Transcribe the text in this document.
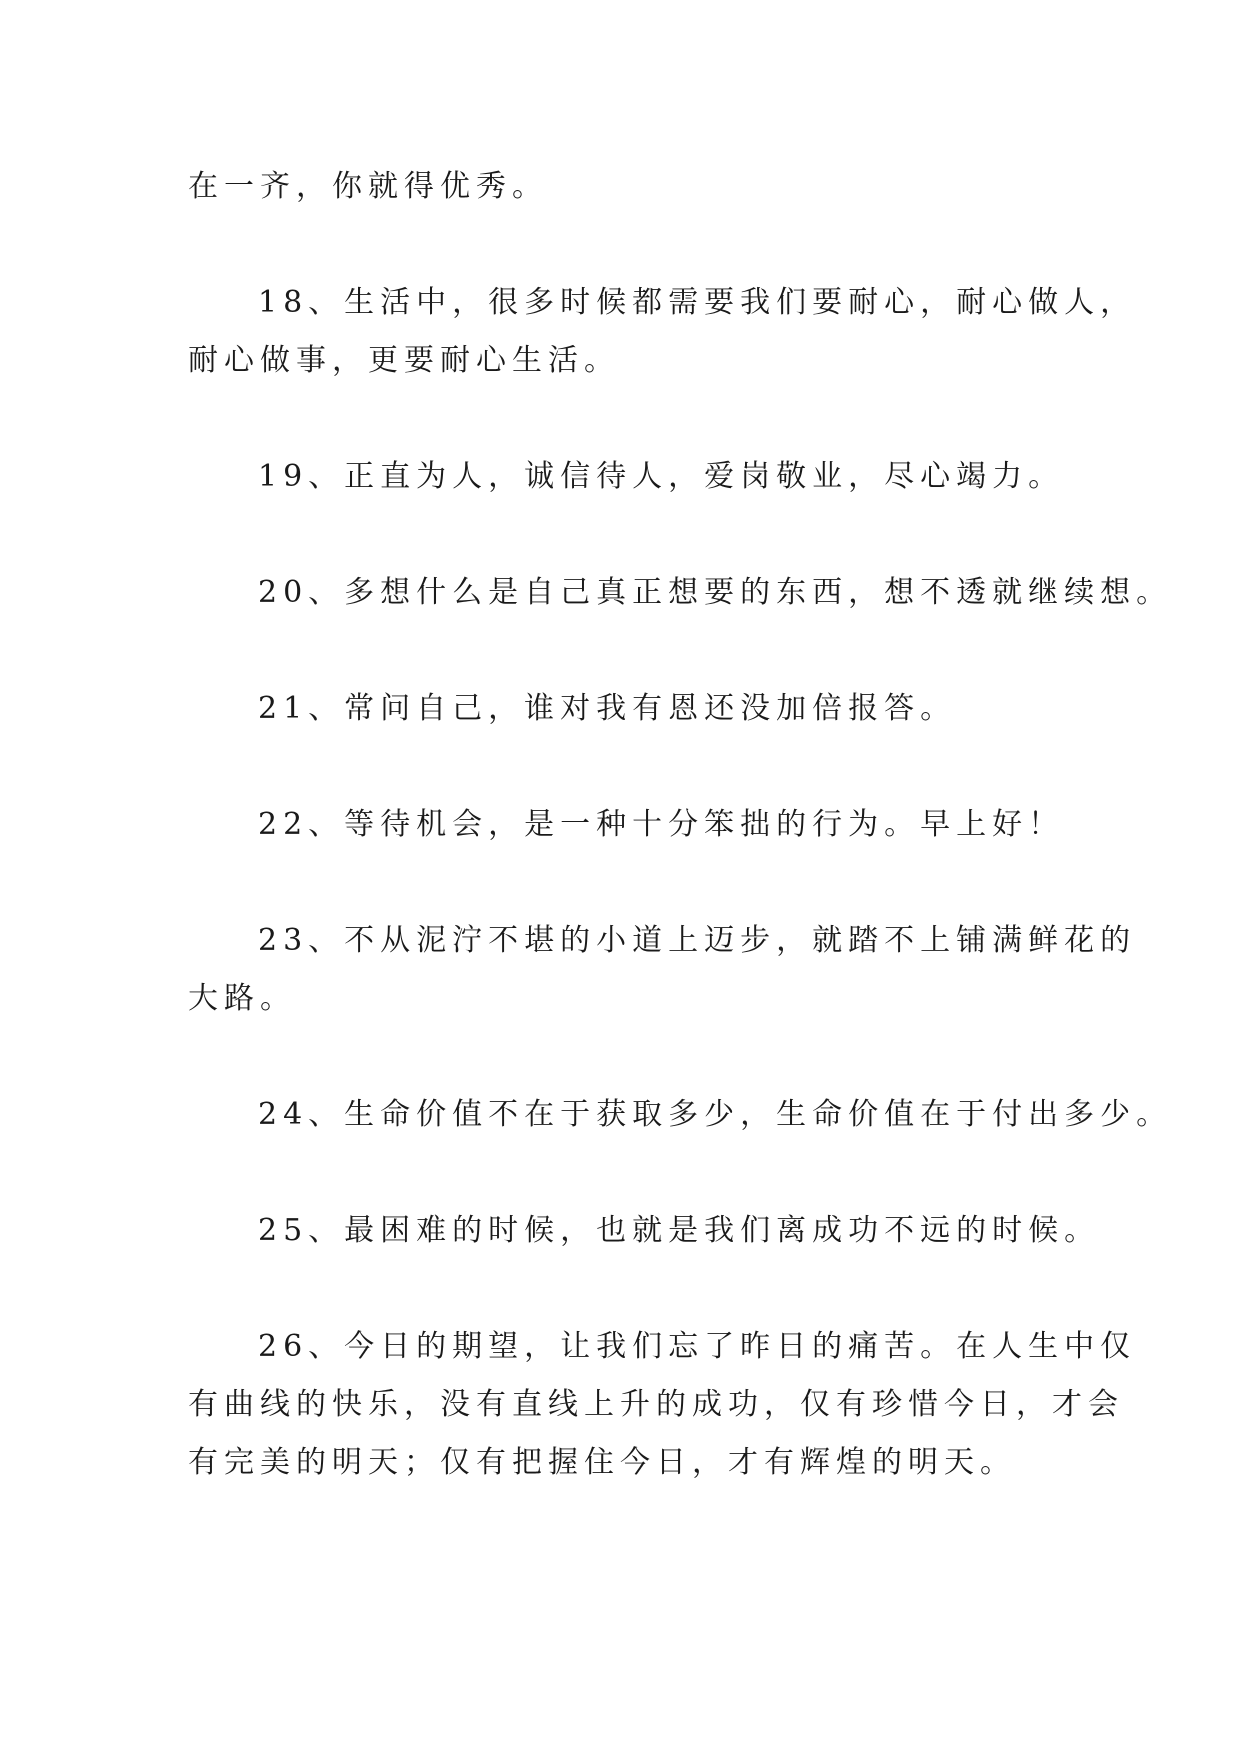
在一齐，你就得优秀。
18、生活中，很多时候都需要我们要耐心，耐心做人，
耐心做事，更要耐心生活。
19、正直为人，诚信待人，爱岗敬业，尽心竭力。
20、多想什么是自己真正想要的东西，想不透就继续想。
21、常问自己，谁对我有恩还没加倍报答。
22、等待机会，是一种十分笨拙的行为。早上好！
23、不从泥泞不堪的小道上迈步，就踏不上铺满鲜花的
大路。
24、生命价值不在于获取多少，生命价值在于付出多少。
25、最困难的时候，也就是我们离成功不远的时候。
26、今日的期望，让我们忘了昨日的痛苦。在人生中仅
有曲线的快乐，没有直线上升的成功，仅有珍惜今日，才会
有完美的明天；仅有把握住今日，才有辉煌的明天。
